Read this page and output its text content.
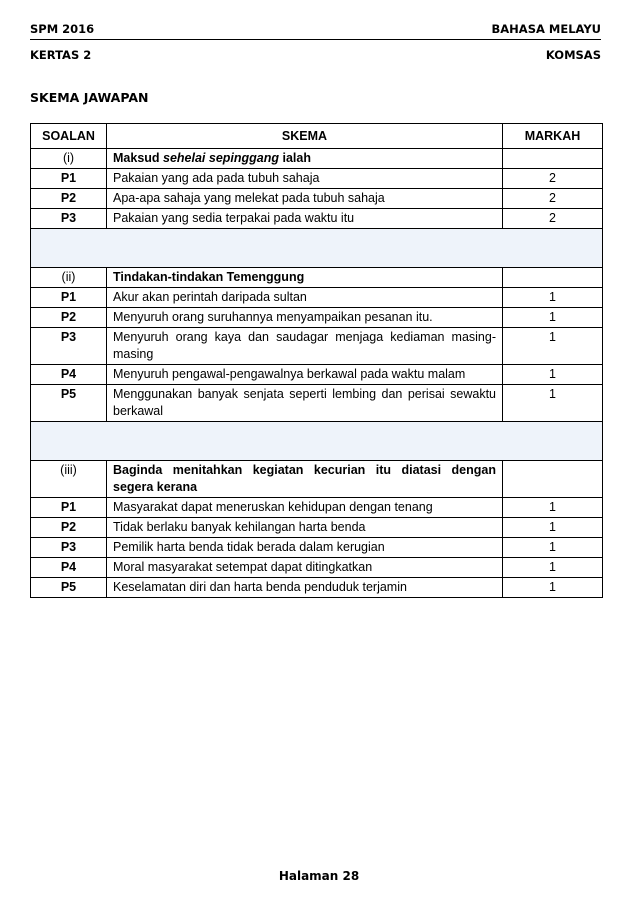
SPM 2016	BAHASA MELAYU
KERTAS 2	KOMSAS
SKEMA JAWAPAN
SOALAN	SKEMA	MARKAH
(i)	Maksud sehelai sepinggang ialah	
P1	Pakaian yang ada pada tubuh sahaja	2
P2	Apa-apa sahaja yang melekat pada tubuh sahaja	2
P3	Pakaian yang sedia terpakai pada waktu itu	2

(ii)	Tindakan-tindakan Temenggung	
P1	Akur akan perintah daripada sultan	1
P2	Menyuruh orang suruhannya menyampaikan pesanan itu.	1
P3	Menyuruh orang kaya dan saudagar menjaga kediaman masing-masing	1
P4	Menyuruh pengawal-pengawalnya berkawal pada waktu malam	1
P5	Menggunakan banyak senjata seperti lembing dan perisai sewaktu berkawal	1

(iii)	Baginda menitahkan kegiatan kecurian itu diatasi dengan segera kerana	
P1	Masyarakat dapat meneruskan kehidupan dengan tenang	1
P2	Tidak berlaku banyak kehilangan harta benda	1
P3	Pemilik harta benda tidak berada dalam kerugian	1
P4	Moral masyarakat setempat dapat ditingkatkan	1
P5	Keselamatan diri dan harta benda penduduk terjamin	1
Halaman 28
